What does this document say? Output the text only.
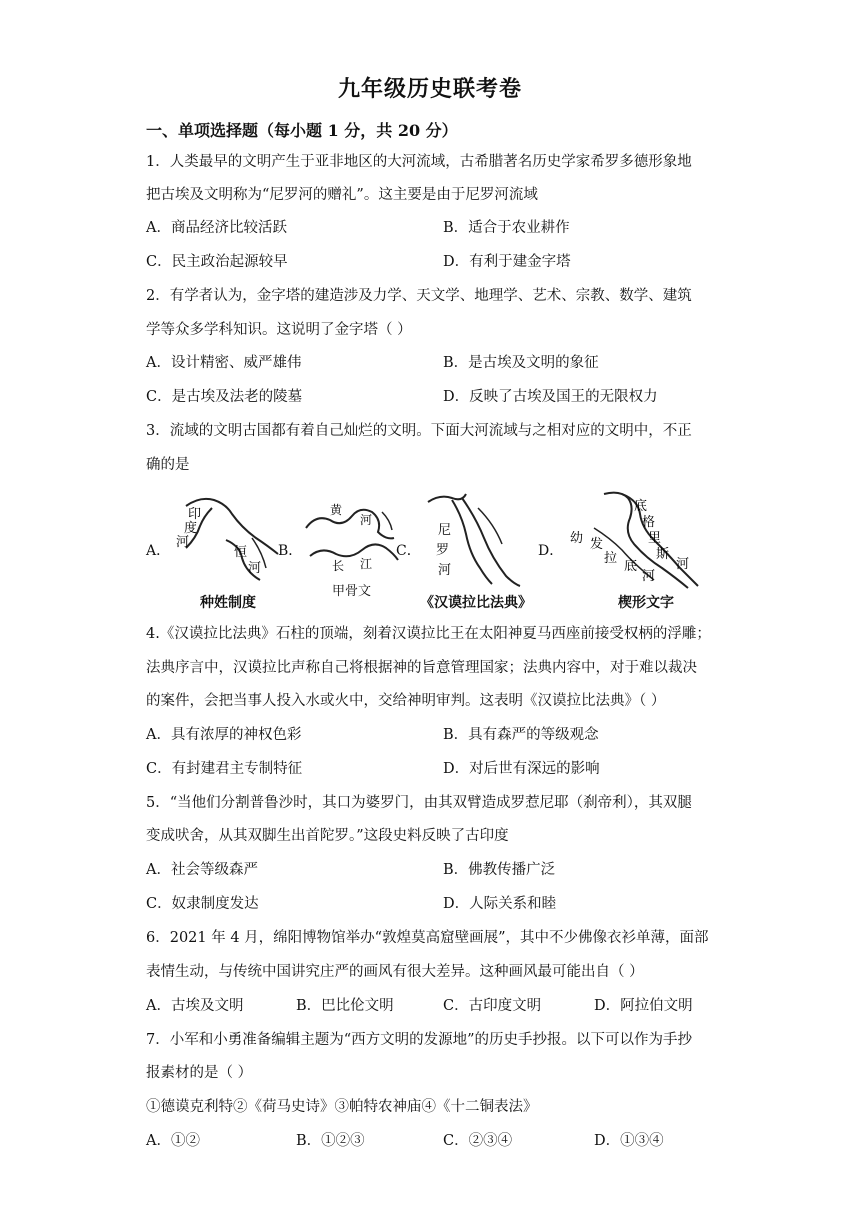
九年级历史联考卷
一、单项选择题（每小题 1 分，共 20 分）
1．人类最早的文明产生于亚非地区的大河流域，古希腊著名历史学家希罗多德形象地
把古埃及文明称为“尼罗河的赠礼”。这主要是由于尼罗河流域
A．商品经济比较活跃	B．适合于农业耕作
C．民主政治起源较早	D．有利于建金字塔
2．有学者认为，金字塔的建造涉及力学、天文学、地理学、艺术、宗教、数学、建筑
学等众多学科知识。这说明了金字塔（ ）
A．设计精密、威严雄伟	B．是古埃及文明的象征
C．是古埃及法老的陵墓	D．反映了古埃及国王的无限权力
3．流域的文明古国都有着自己灿烂的文明。下面大河流域与之相对应的文明中，不正
确的是
A．
印
度
河
恒
河
种姓制度
B．
黄
河
长 江
甲骨文
C．
尼
罗
河
《汉谟拉比法典》
D．
底
格
里
斯
河
幼 发
拉
底
河
楔形文字
4.《汉谟拉比法典》石柱的顶端，刻着汉谟拉比王在太阳神夏马西座前接受权柄的浮雕；
法典序言中，汉谟拉比声称自己将根据神的旨意管理国家；法典内容中，对于难以裁决
的案件，会把当事人投入水或火中，交给神明审判。这表明《汉谟拉比法典》（ ）
A．具有浓厚的神权色彩	B．具有森严的等级观念
C．有封建君主专制特征	D．对后世有深远的影响
5．“当他们分割普鲁沙时，其口为婆罗门，由其双臂造成罗惹尼耶（刹帝利），其双腿
变成吠舍，从其双脚生出首陀罗。”这段史料反映了古印度
A．社会等级森严	B．佛教传播广泛
C．奴隶制度发达	D．人际关系和睦
6．2021 年 4 月，绵阳博物馆举办“敦煌莫高窟壁画展”，其中不少佛像衣衫单薄，面部
表情生动，与传统中国讲究庄严的画风有很大差异。这种画风最可能出自（ ）
A．古埃及文明	B．巴比伦文明	C．古印度文明	D．阿拉伯文明
7．小军和小勇准备编辑主题为“西方文明的发源地”的历史手抄报。以下可以作为手抄
报素材的是（ ）
①德谟克利特②《荷马史诗》③帕特农神庙④《十二铜表法》
A．①②	B．①②③	C．②③④	D．①③④
